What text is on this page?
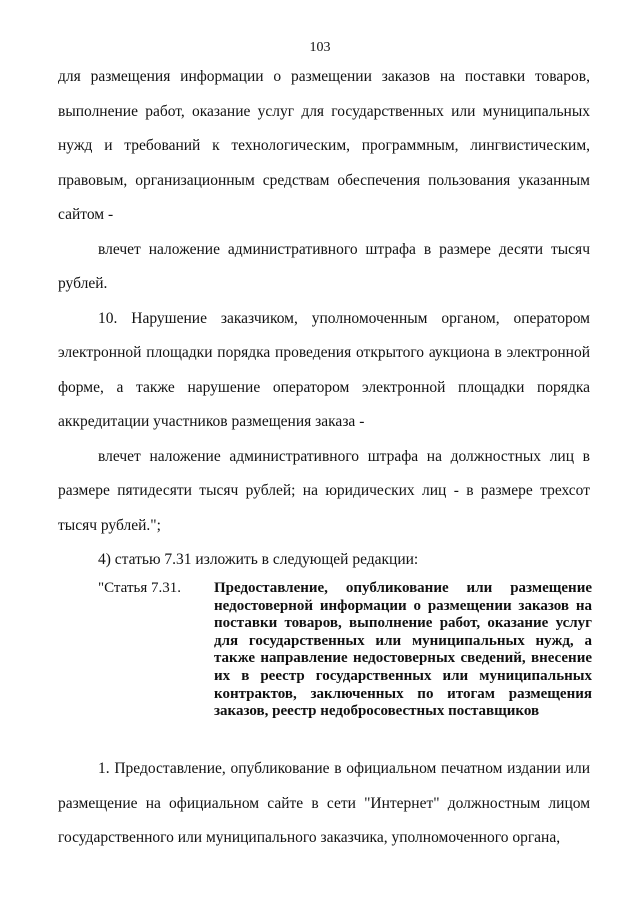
103

для размещения информации о размещении заказов на поставки товаров, выполнение работ, оказание услуг для государственных или муниципальных нужд и требований к технологическим, программным, лингвистическим, правовым, организационным средствам обеспечения пользования указанным сайтом -

влечет наложение административного штрафа в размере десяти тысяч рублей.

10. Нарушение заказчиком, уполномоченным органом, оператором электронной площадки порядка проведения открытого аукциона в электронной форме, а также нарушение оператором электронной площадки порядка аккредитации участников размещения заказа -

влечет наложение административного штрафа на должностных лиц в размере пятидесяти тысяч рублей; на юридических лиц - в размере трехсот тысяч рублей.";

4) статью 7.31 изложить в следующей редакции:

"Статья 7.31. Предоставление, опубликование или размещение недостоверной информации о размещении заказов на поставки товаров, выполнение работ, оказание услуг для государственных или муниципальных нужд, а также направление недостоверных сведений, внесение их в реестр государственных или муниципальных контрактов, заключенных по итогам размещения заказов, реестр недобросовестных поставщиков

1. Предоставление, опубликование в официальном печатном издании или размещение на официальном сайте в сети "Интернет" должностным лицом государственного или муниципального заказчика, уполномоченного органа,
